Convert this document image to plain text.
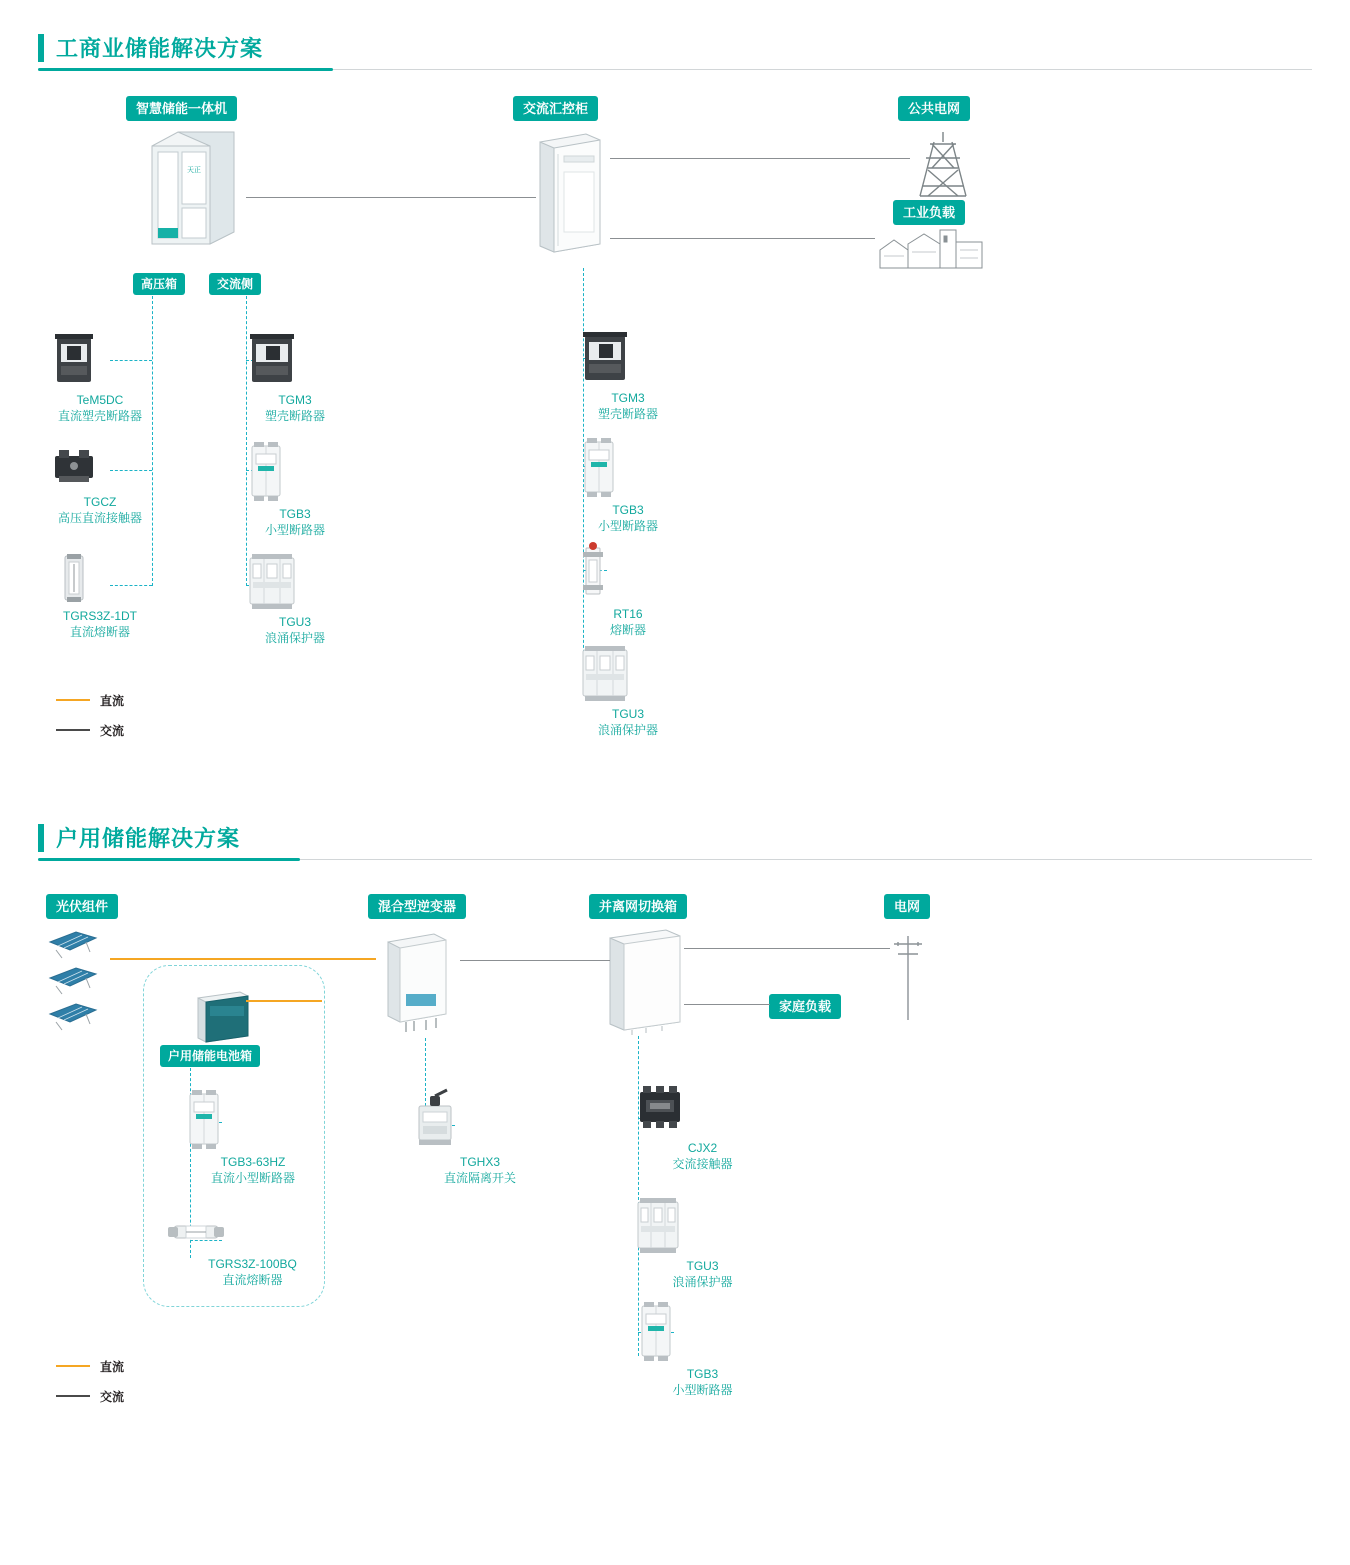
工商业储能解决方案
智慧储能一体机	交流汇控柜	公共电网
工业负载
高压箱	交流侧
天正
TeM5DC
直流塑壳断路器
TGCZ
高压直流接触器
TGRS3Z-1DT
直流熔断器
TGM3
塑壳断路器
TGB3
小型断路器
TGU3
浪涌保护器
TGM3
塑壳断路器
TGB3
小型断路器
RT16
熔断器
TGU3
浪涌保护器
直流
交流
户用储能解决方案
光伏组件	混合型逆变器	并离网切换箱	电网
家庭负载
户用储能电池箱
TGB3-63HZ
直流小型断路器
TGRS3Z-100BQ
直流熔断器
TGHX3
直流隔离开关
CJX2
交流接触器
TGU3
浪涌保护器
TGB3
小型断路器
直流
交流
